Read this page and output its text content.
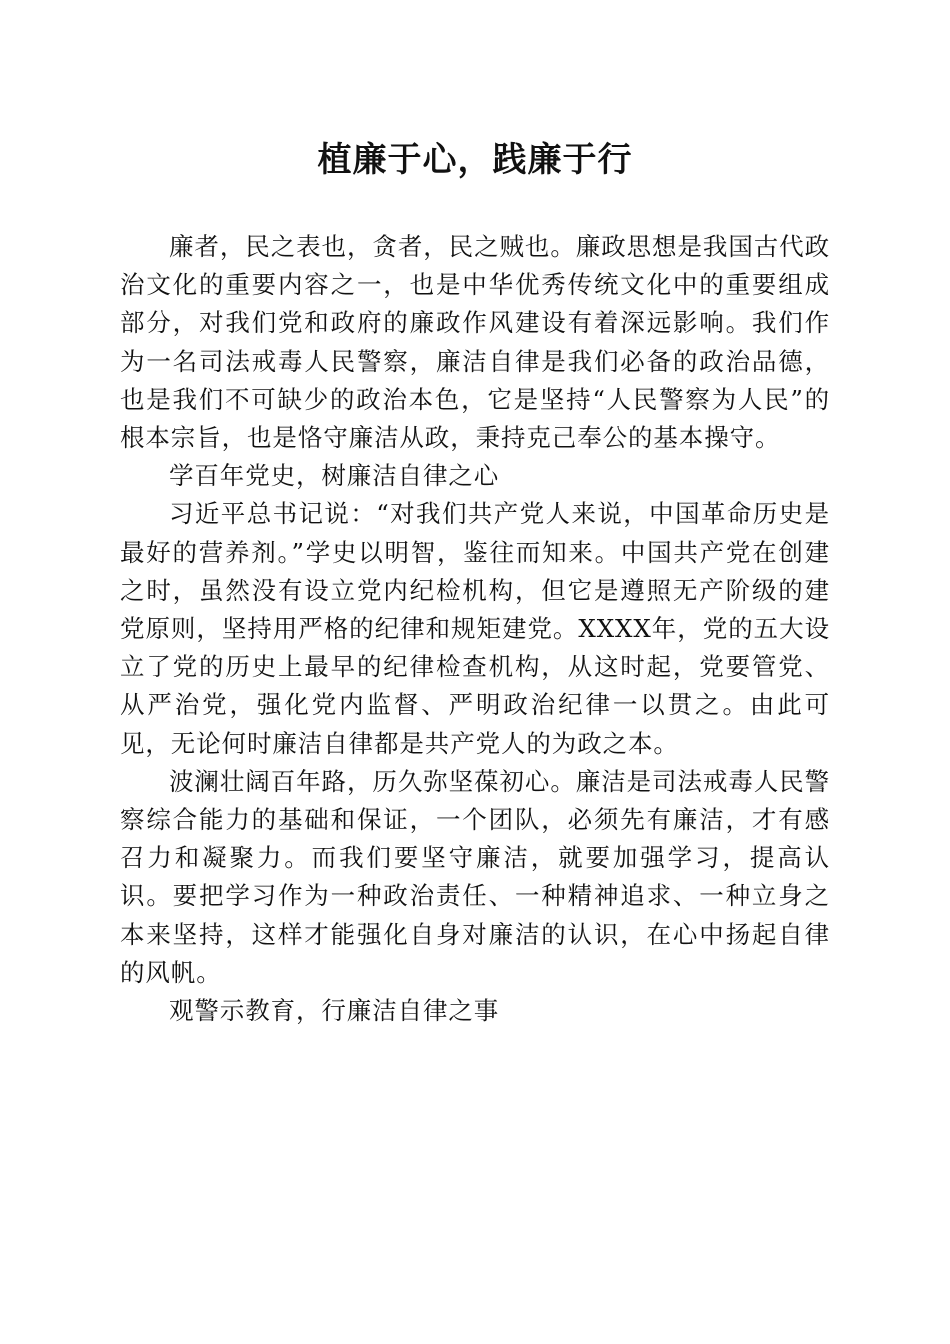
植廉于心，践廉于行

廉者，民之表也，贪者，民之贼也。廉政思想是我国古代政治文化的重要内容之一，也是中华优秀传统文化中的重要组成部分，对我们党和政府的廉政作风建设有着深远影响。我们作为一名司法戒毒人民警察，廉洁自律是我们必备的政治品德，也是我们不可缺少的政治本色，它是坚持“人民警察为人民”的根本宗旨，也是恪守廉洁从政，秉持克己奉公的基本操守。

学百年党史，树廉洁自律之心

习近平总书记说：“对我们共产党人来说，中国革命历史是最好的营养剂。”学史以明智，鉴往而知来。中国共产党在创建之时，虽然没有设立党内纪检机构，但它是遵照无产阶级的建党原则，坚持用严格的纪律和规矩建党。XXXX年，党的五大设立了党的历史上最早的纪律检查机构，从这时起，党要管党、从严治党，强化党内监督、严明政治纪律一以贯之。由此可见，无论何时廉洁自律都是共产党人的为政之本。

波澜壮阔百年路，历久弥坚葆初心。廉洁是司法戒毒人民警察综合能力的基础和保证，一个团队，必须先有廉洁，才有感召力和凝聚力。而我们要坚守廉洁，就要加强学习，提高认识。要把学习作为一种政治责任、一种精神追求、一种立身之本来坚持，这样才能强化自身对廉洁的认识，在心中扬起自律的风帆。

观警示教育，行廉洁自律之事
